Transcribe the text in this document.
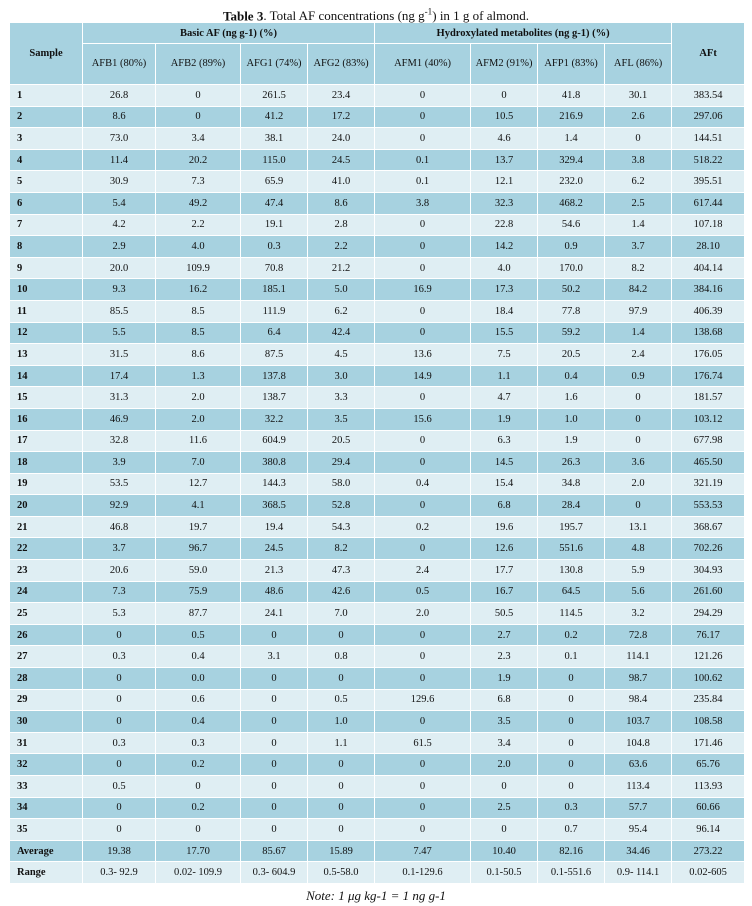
Table 3. Total AF concentrations (ng $g^{-1}$) in 1 g of almond.
Sample	Basic AF (ng g-1) (%)				Hydroxylated metabolites (ng g-1) (%)				AFt
	AFB1 (80%)	AFB2 (89%)	AFG1 (74%)	AFG2 (83%)	AFM1 (40%)	AFM2 (91%)	AFP1 (83%)	AFL (86%)	
1	26.8	0	261.5	23.4	0	0	41.8	30.1	383.54
2	8.6	0	41.2	17.2	0	10.5	216.9	2.6	297.06
3	73.0	3.4	38.1	24.0	0	4.6	1.4	0	144.51
4	11.4	20.2	115.0	24.5	0.1	13.7	329.4	3.8	518.22
5	30.9	7.3	65.9	41.0	0.1	12.1	232.0	6.2	395.51
6	5.4	49.2	47.4	8.6	3.8	32.3	468.2	2.5	617.44
7	4.2	2.2	19.1	2.8	0	22.8	54.6	1.4	107.18
8	2.9	4.0	0.3	2.2	0	14.2	0.9	3.7	28.10
9	20.0	109.9	70.8	21.2	0	4.0	170.0	8.2	404.14
10	9.3	16.2	185.1	5.0	16.9	17.3	50.2	84.2	384.16
11	85.5	8.5	111.9	6.2	0	18.4	77.8	97.9	406.39
12	5.5	8.5	6.4	42.4	0	15.5	59.2	1.4	138.68
13	31.5	8.6	87.5	4.5	13.6	7.5	20.5	2.4	176.05
14	17.4	1.3	137.8	3.0	14.9	1.1	0.4	0.9	176.74
15	31.3	2.0	138.7	3.3	0	4.7	1.6	0	181.57
16	46.9	2.0	32.2	3.5	15.6	1.9	1.0	0	103.12
17	32.8	11.6	604.9	20.5	0	6.3	1.9	0	677.98
18	3.9	7.0	380.8	29.4	0	14.5	26.3	3.6	465.50
19	53.5	12.7	144.3	58.0	0.4	15.4	34.8	2.0	321.19
20	92.9	4.1	368.5	52.8	0	6.8	28.4	0	553.53
21	46.8	19.7	19.4	54.3	0.2	19.6	195.7	13.1	368.67
22	3.7	96.7	24.5	8.2	0	12.6	551.6	4.8	702.26
23	20.6	59.0	21.3	47.3	2.4	17.7	130.8	5.9	304.93
24	7.3	75.9	48.6	42.6	0.5	16.7	64.5	5.6	261.60
25	5.3	87.7	24.1	7.0	2.0	50.5	114.5	3.2	294.29
26	0	0.5	0	0	0	2.7	0.2	72.8	76.17
27	0.3	0.4	3.1	0.8	0	2.3	0.1	114.1	121.26
28	0	0.0	0	0	0	1.9	0	98.7	100.62
29	0	0.6	0	0.5	129.6	6.8	0	98.4	235.84
30	0	0.4	0	1.0	0	3.5	0	103.7	108.58
31	0.3	0.3	0	1.1	61.5	3.4	0	104.8	171.46
32	0	0.2	0	0	0	2.0	0	63.6	65.76
33	0.5	0	0	0	0	0	0	113.4	113.93
34	0	0.2	0	0	0	2.5	0.3	57.7	60.66
35	0	0	0	0	0	0	0.7	95.4	96.14
Average	19.38	17.70	85.67	15.89	7.47	10.40	82.16	34.46	273.22
Range	0.3- 92.9	0.02- 109.9	0.3- 604.9	0.5-58.0	0.1-129.6	0.1-50.5	0.1-551.6	0.9- 114.1	0.02-605
Note: 1 μg kg-1 = 1 ng g-1
